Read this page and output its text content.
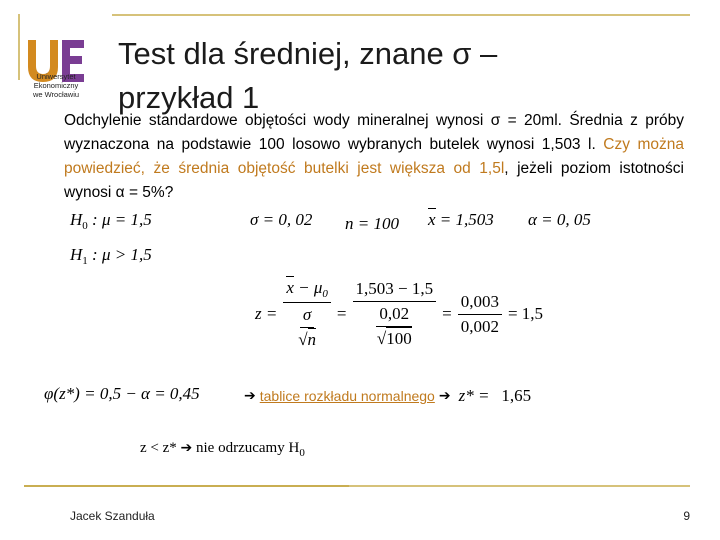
Uniwersytet
Ekonomiczny
we Wrocławiu
Test dla średniej, znane σ –
przykład 1
Odchylenie standardowe objętości wody mineralnej wynosi σ = 20ml. Średnia z próby wyznaczona na podstawie 100 losowo wybranych butelek wynosi 1,503 l. Czy można powiedzieć, że średnia objętość butelki jest większa od 1,5l, jeżeli poziom istotności wynosi α = 5%?
$H_0$ : μ = 1,5
$H_1$ : μ > 1,5
σ = 0, 02 n = 100 x = 1,503 α = 0, 05
$z = \frac{x - \mu_0}{\frac{\sigma}{√n}} = \frac{1,503 - 1,5}{\frac{0,02}{√100}} = \frac{0,003}{0,002} = 1,5$
φ(z*) = 0,5 − α = 0,45	➔ tablice rozkładu normalnego ➔ z* = 1,65
z < z* ➔ nie odrzucamy $H_0$
Jacek Szanduła	9
